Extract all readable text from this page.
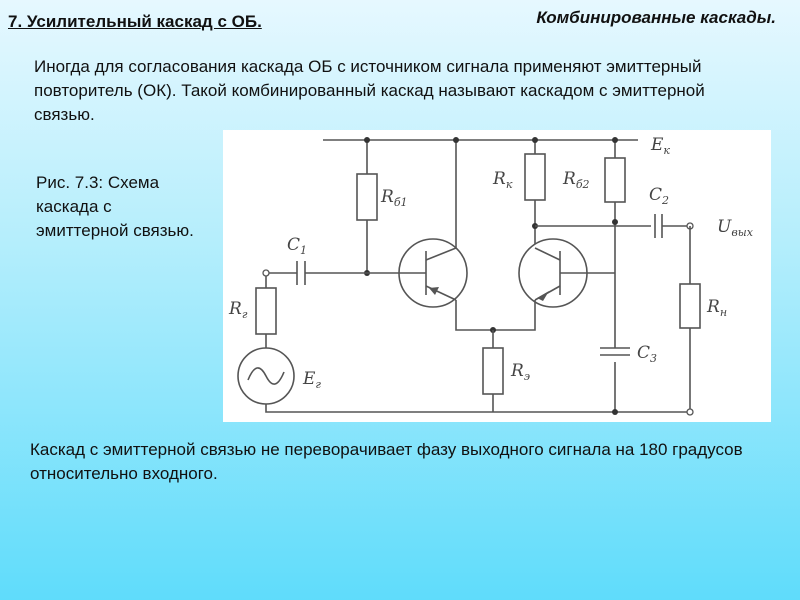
7. Усилительный каскад с ОБ.	Комбинированные каскады.
Иногда для согласования каскада ОБ с источником сигнала применяют эмиттерный повторитель (ОК). Такой комбинированный каскад называют каскадом с эмиттерной связью.
Рис. 7.3: Схема каскада с эмиттерной связью.
$E_к$
$R_{б1}$
$R_к$	$R_{б2}$
$C_2$
$U_{вых}$
$C_1$
$R_г$	$R_н$
$C_3$
$R_э$
$E_г$
Каскад с эмиттерной связью не переворачивает фазу выходного сигнала на 180 градусов относительно входного.
